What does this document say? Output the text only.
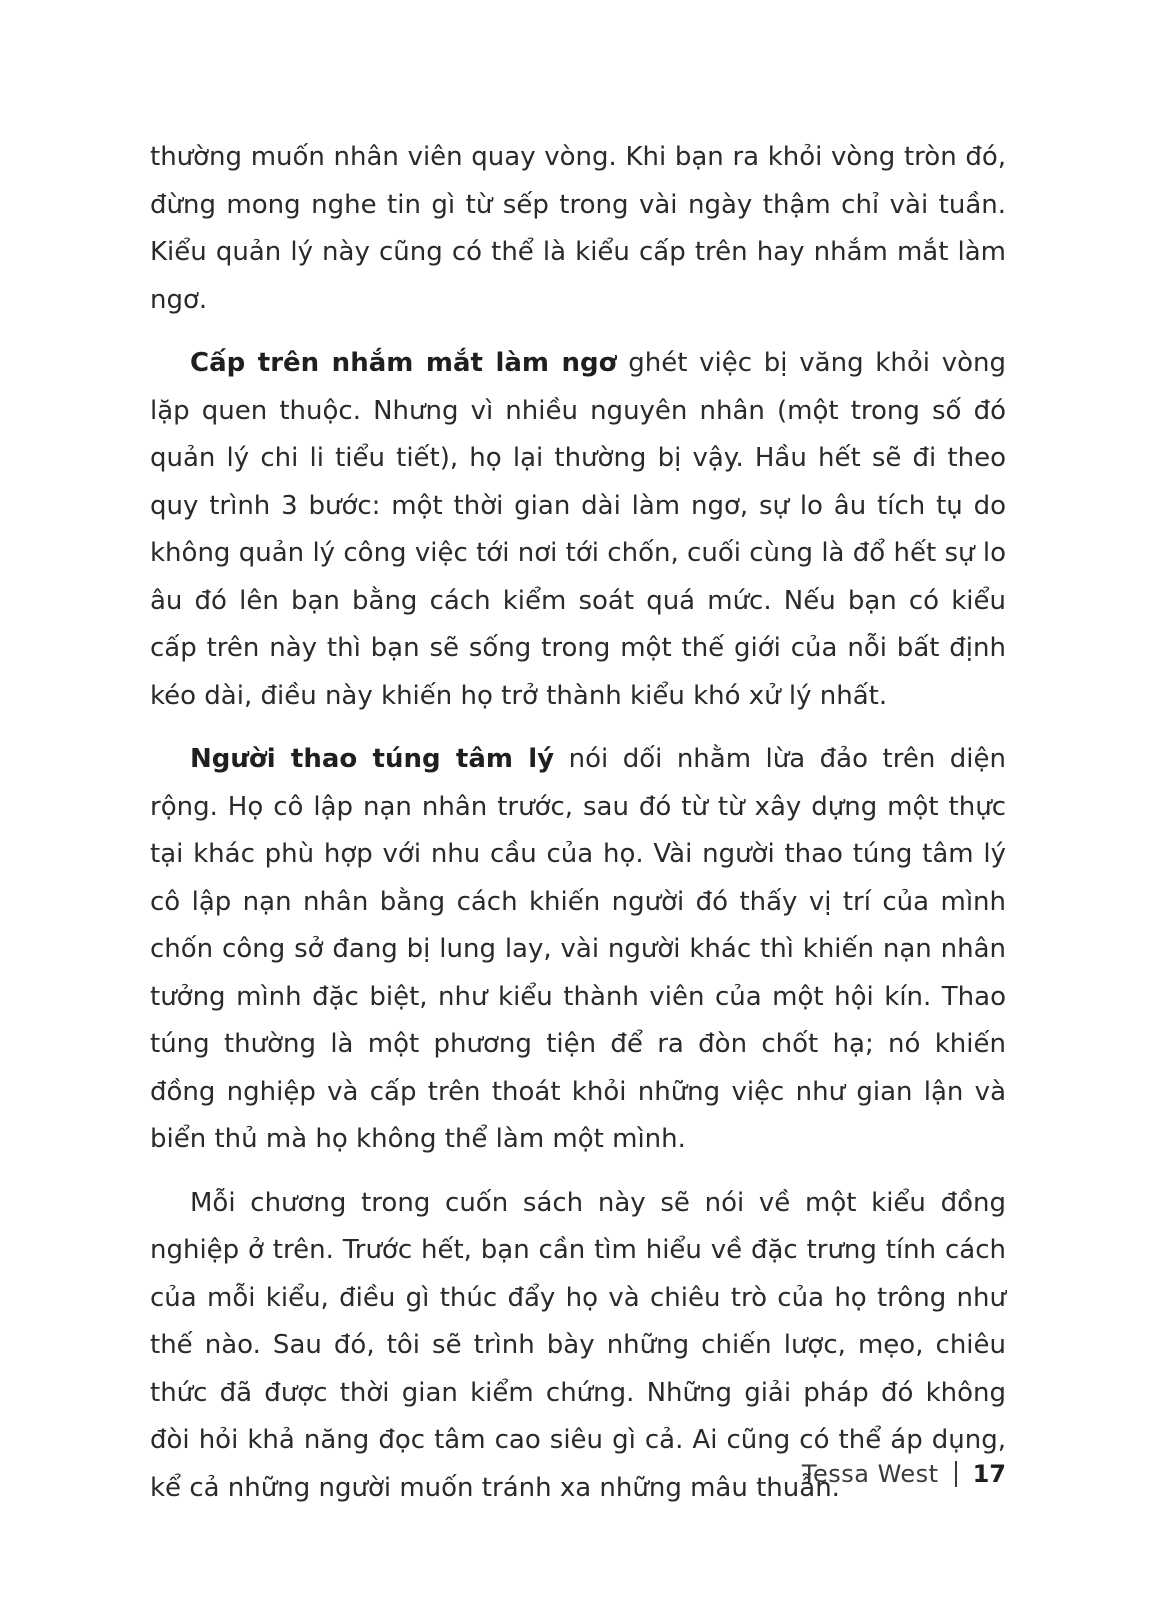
thường muốn nhân viên quay vòng. Khi bạn ra khỏi vòng tròn đó, đừng mong nghe tin gì từ sếp trong vài ngày thậm chỉ vài tuần. Kiểu quản lý này cũng có thể là kiểu cấp trên hay nhắm mắt làm ngơ.

Cấp trên nhắm mắt làm ngơ ghét việc bị văng khỏi vòng lặp quen thuộc. Nhưng vì nhiều nguyên nhân (một trong số đó quản lý chi li tiểu tiết), họ lại thường bị vậy. Hầu hết sẽ đi theo quy trình 3 bước: một thời gian dài làm ngơ, sự lo âu tích tụ do không quản lý công việc tới nơi tới chốn, cuối cùng là đổ hết sự lo âu đó lên bạn bằng cách kiểm soát quá mức. Nếu bạn có kiểu cấp trên này thì bạn sẽ sống trong một thế giới của nỗi bất định kéo dài, điều này khiến họ trở thành kiểu khó xử lý nhất.

Người thao túng tâm lý nói dối nhằm lừa đảo trên diện rộng. Họ cô lập nạn nhân trước, sau đó từ từ xây dựng một thực tại khác phù hợp với nhu cầu của họ. Vài người thao túng tâm lý cô lập nạn nhân bằng cách khiến người đó thấy vị trí của mình chốn công sở đang bị lung lay, vài người khác thì khiến nạn nhân tưởng mình đặc biệt, như kiểu thành viên của một hội kín. Thao túng thường là một phương tiện để ra đòn chốt hạ; nó khiến đồng nghiệp và cấp trên thoát khỏi những việc như gian lận và biển thủ mà họ không thể làm một mình.

Mỗi chương trong cuốn sách này sẽ nói về một kiểu đồng nghiệp ở trên. Trước hết, bạn cần tìm hiểu về đặc trưng tính cách của mỗi kiểu, điều gì thúc đẩy họ và chiêu trò của họ trông như thế nào. Sau đó, tôi sẽ trình bày những chiến lược, mẹo, chiêu thức đã được thời gian kiểm chứng. Những giải pháp đó không đòi hỏi khả năng đọc tâm cao siêu gì cả. Ai cũng có thể áp dụng, kể cả những người muốn tránh xa những mâu thuẫn.

Tessa West 17
